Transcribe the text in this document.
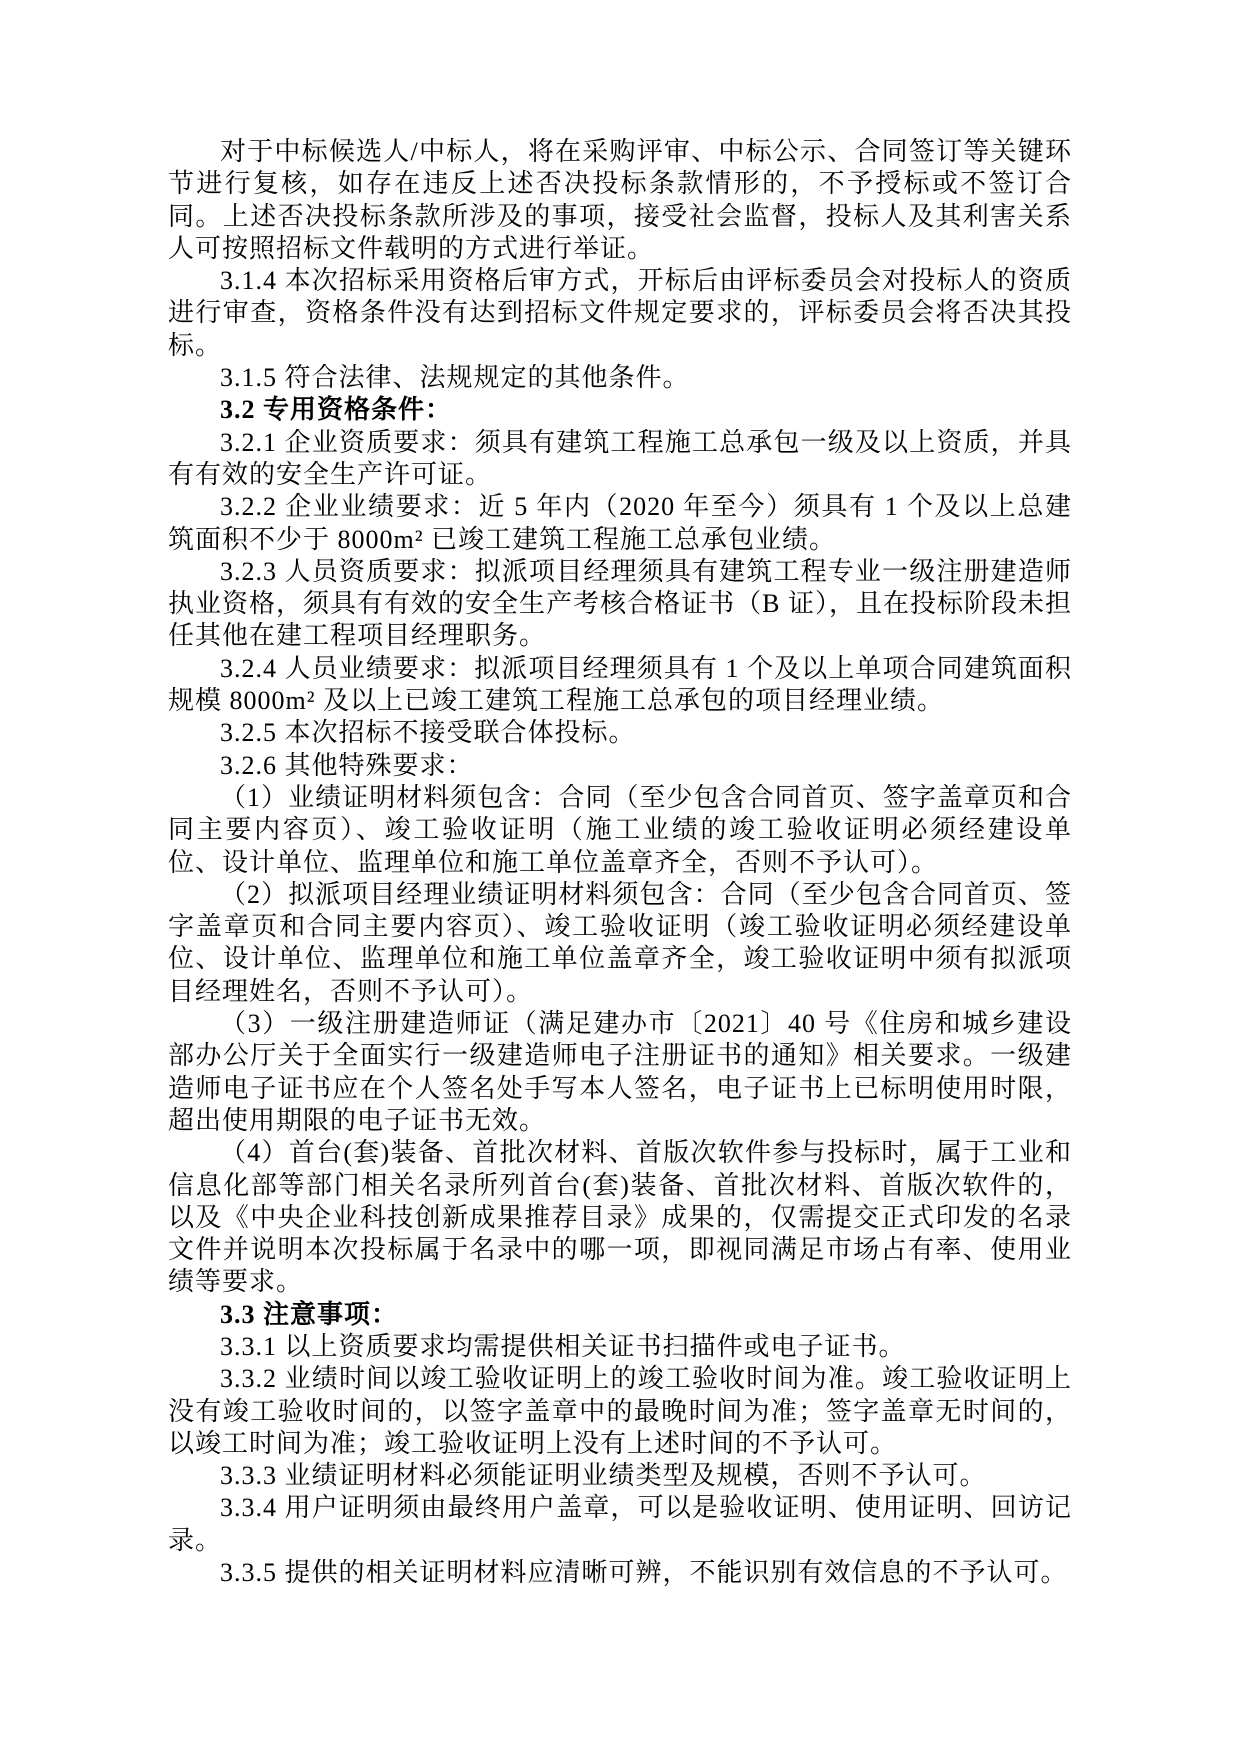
对于中标候选人/中标人，将在采购评审、中标公示、合同签订等关键环节进行复核，如存在违反上述否决投标条款情形的，不予授标或不签订合同。上述否决投标条款所涉及的事项，接受社会监督，投标人及其利害关系人可按照招标文件载明的方式进行举证。

3.1.4 本次招标采用资格后审方式，开标后由评标委员会对投标人的资质进行审查，资格条件没有达到招标文件规定要求的，评标委员会将否决其投标。

3.1.5 符合法律、法规规定的其他条件。

3.2 专用资格条件：

3.2.1 企业资质要求：须具有建筑工程施工总承包一级及以上资质，并具有有效的安全生产许可证。

3.2.2 企业业绩要求：近 5 年内（2020 年至今）须具有 1 个及以上总建筑面积不少于 8000m² 已竣工建筑工程施工总承包业绩。

3.2.3 人员资质要求：拟派项目经理须具有建筑工程专业一级注册建造师执业资格，须具有有效的安全生产考核合格证书（B 证），且在投标阶段未担任其他在建工程项目经理职务。

3.2.4 人员业绩要求：拟派项目经理须具有 1 个及以上单项合同建筑面积规模 8000m² 及以上已竣工建筑工程施工总承包的项目经理业绩。

3.2.5 本次招标不接受联合体投标。

3.2.6 其他特殊要求：

（1）业绩证明材料须包含：合同（至少包含合同首页、签字盖章页和合同主要内容页）、竣工验收证明（施工业绩的竣工验收证明必须经建设单位、设计单位、监理单位和施工单位盖章齐全，否则不予认可）。

（2）拟派项目经理业绩证明材料须包含：合同（至少包含合同首页、签字盖章页和合同主要内容页）、竣工验收证明（竣工验收证明必须经建设单位、设计单位、监理单位和施工单位盖章齐全，竣工验收证明中须有拟派项目经理姓名，否则不予认可）。

（3）一级注册建造师证（满足建办市〔2021〕40 号《住房和城乡建设部办公厅关于全面实行一级建造师电子注册证书的通知》相关要求。一级建造师电子证书应在个人签名处手写本人签名，电子证书上已标明使用时限，超出使用期限的电子证书无效。

（4）首台(套)装备、首批次材料、首版次软件参与投标时，属于工业和信息化部等部门相关名录所列首台(套)装备、首批次材料、首版次软件的，以及《中央企业科技创新成果推荐目录》成果的，仅需提交正式印发的名录文件并说明本次投标属于名录中的哪一项，即视同满足市场占有率、使用业绩等要求。

3.3 注意事项：

3.3.1 以上资质要求均需提供相关证书扫描件或电子证书。

3.3.2 业绩时间以竣工验收证明上的竣工验收时间为准。竣工验收证明上没有竣工验收时间的，以签字盖章中的最晚时间为准；签字盖章无时间的，以竣工时间为准；竣工验收证明上没有上述时间的不予认可。

3.3.3 业绩证明材料必须能证明业绩类型及规模，否则不予认可。

3.3.4 用户证明须由最终用户盖章，可以是验收证明、使用证明、回访记录。

3.3.5 提供的相关证明材料应清晰可辨，不能识别有效信息的不予认可。
